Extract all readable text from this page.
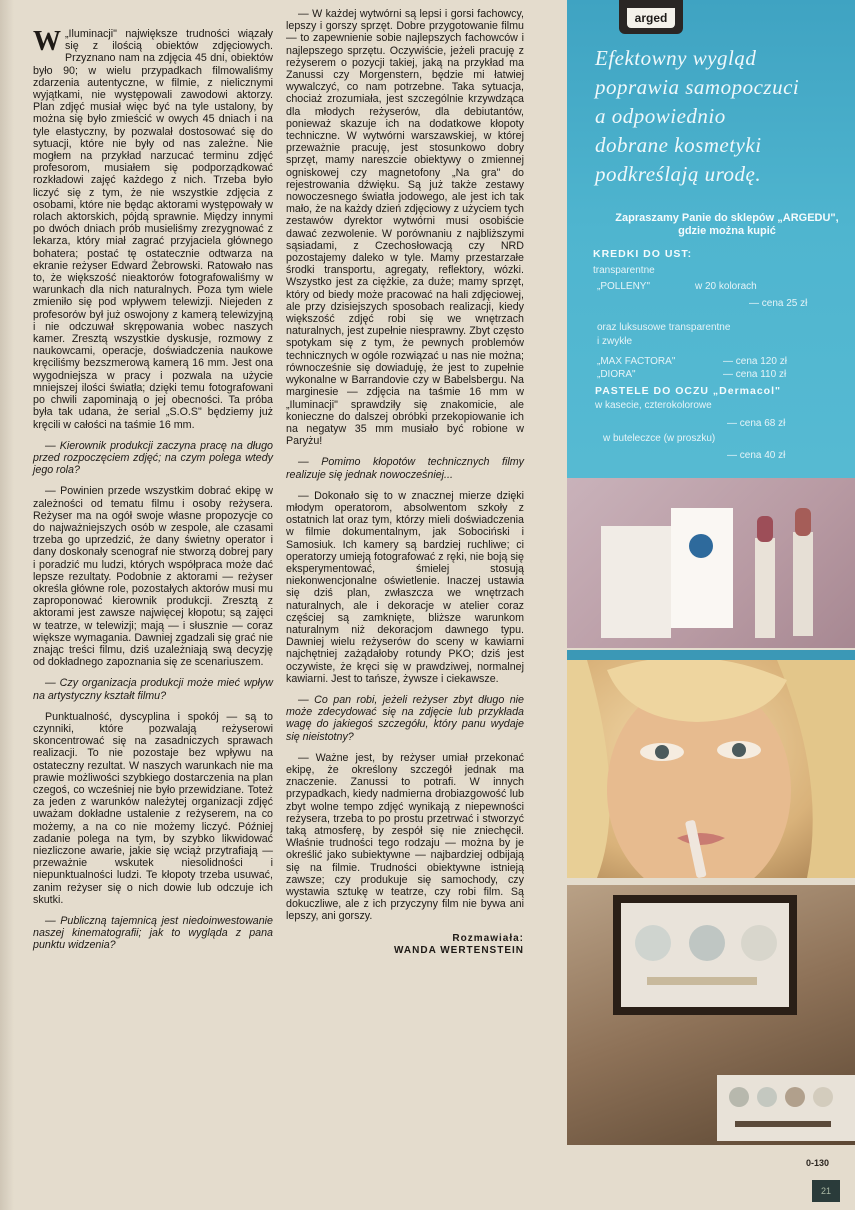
W „Iluminacji" największe trudności wiązały się z ilością obiektów zdjęciowych. Przyznano nam na zdjęcia 45 dni, obiektów było 90; w wielu przypadkach filmowaliśmy zdarzenia autentyczne, w filmie, z nielicznymi wyjątkami, nie występowali zawodowi aktorzy. Plan zdjęć musiał więc być na tyle ustalony, by można się było zmieścić w owych 45 dniach i na tyle elastyczny, by pozwalał dostosować się do sytuacji, które nie były od nas zależne. Nie mogłem na przykład narzucać terminu zdjęć profesorom, musiałem się podporządkować rozkładowi zajęć każdego z nich. Trzeba było liczyć się z tym, że nie wszystkie zdjęcia z osobami, które nie będąc aktorami występowały w rolach aktorskich, pójdą sprawnie. Między innymi po dwóch dniach prób musieliśmy zrezygnować z lekarza, który miał zagrać przyjaciela głównego bohatera; postać tę ostatecznie odtwarza na ekranie reżyser Edward Żebrowski. Ratowało nas to, że większość nieaktorów fotografowaliśmy w warunkach dla nich naturalnych. Poza tym wiele zmieniło się pod wpływem telewizji. Niejeden z profesorów był już oswojony z kamerą telewizyjną i nie odczuwał skrępowania wobec naszych kamer. Zresztą wszystkie dyskusje, rozmowy z naukowcami, operacje, doświadczenia naukowe kręciliśmy bezszmerową kamerą 16 mm. Jest ona wygodniejsza w pracy i pozwala na użycie mniejszej ilości światła; dzięki temu fotografowani po chwili zapominają o jej obecności. Ta próba była tak udana, że serial „S.O.S" będziemy już kręcili w całości na taśmie 16 mm.

— Kierownik produkcji zaczyna pracę na długo przed rozpoczęciem zdjęć; na czym polega wtedy jego rola?

— Powinien przede wszystkim dobrać ekipę w zależności od tematu filmu i osoby reżysera. Reżyser ma na ogół swoje własne propozycje co do najważniejszych osób w zespole, ale czasami trzeba go uprzedzić, że dany świetny operator i dany doskonały scenograf nie stworzą dobrej pary i poradzić mu ludzi, których współpraca może dać lepsze rezultaty. Podobnie z aktorami — reżyser określa główne role, pozostałych aktorów musi mu zaproponować kierownik produkcji. Zresztą z aktorami jest zawsze najwięcej kłopotu; są zajęci w teatrze, w telewizji; mają — i słusznie — coraz większe wymagania. Dawniej zgadzali się grać nie znając treści filmu, dziś uzależniają swą decyzję od dokładnego zapoznania się ze scenariuszem.

— Czy organizacja produkcji może mieć wpływ na artystyczny kształt filmu?

Punktualność, dyscyplina i spokój — są to czynniki, które pozwalają reżyserowi skoncentrować się na zasadniczych sprawach realizacji. To nie pozostaje bez wpływu na ostateczny rezultat. W naszych warunkach nie ma prawie możliwości szybkiego dostarczenia na plan czegoś, co wcześniej nie było przewidziane. Toteż za jeden z warunków należytej organizacji zdjęć uważam dokładne ustalenie z reżyserem, na co możemy, a na co nie możemy liczyć. Później zadanie polega na tym, by szybko likwidować niezliczone awarie, jakie się wciąż przytrafiają — przeważnie wskutek niesolidności i niepunktualności ludzi. Te kłopoty trzeba usuwać, zanim reżyser się o nich dowie lub odczuje ich skutki.

— Publiczną tajemnicą jest niedoinwestowanie naszej kinematografii; jak to wygląda z pana punktu widzenia?

— W każdej wytwórni są lepsi i gorsi fachowcy, lepszy i gorszy sprzęt. Dobre przygotowanie filmu — to zapewnienie sobie najlepszych fachowców i najlepszego sprzętu. Oczywiście, jeżeli pracuję z reżyserem o pozycji takiej, jaką na przykład ma Zanussi czy Morgenstern, będzie mi łatwiej wywalczyć, co nam potrzebne. Taka sytuacja, chociaż zrozumiała, jest szczególnie krzywdząca dla młodych reżyserów, dla debiutantów, ponieważ skazuje ich na dodatkowe kłopoty techniczne. W wytwórni warszawskiej, w której przeważnie pracuję, jest stosunkowo dobry sprzęt, mamy nareszcie obiektywy o zmiennej ogniskowej czy magnetofony „Na gra" do rejestrowania dźwięku. Są już także zestawy nowoczesnego światła jodowego, ale jest ich tak mało, że na każdy dzień zdjęciowy z użyciem tych zestawów dyrektor wytwórni musi osobiście dawać zezwolenie. W porównaniu z najbliższymi sąsiadami, z Czechosłowacją czy NRD pozostajemy daleko w tyle. Mamy przestarzałe środki transportu, agregaty, reflektory, wózki. Wszystko jest za ciężkie, za duże; mamy sprzęt, który od biedy może pracować na hali zdjęciowej, ale przy dzisiejszych sposobach realizacji, kiedy większość zdjęć robi się we wnętrzach naturalnych, jest zupełnie niesprawny. Zbyt często spotykam się z tym, że pewnych problemów technicznych w ogóle rozwiązać u nas nie można; równocześnie się dowiaduję, że jest to zupełnie wykonalne w Barrandovie czy w Babelsbergu. Na marginesie — zdjęcia na taśmie 16 mm w „Iluminacji" sprawdziły się znakomicie, ale konieczne do dalszej obróbki przekopiowanie ich na negatyw 35 mm musiało być robione w Paryżu!

— Pomimo kłopotów technicznych filmy realizuje się jednak nowocześniej...

— Dokonało się to w znacznej mierze dzięki młodym operatorom, absolwentom szkoły z ostatnich lat oraz tym, którzy mieli doświadczenia w filmie dokumentalnym, jak Sobociński i Samosiuk. Ich kamery są bardziej ruchliwe; ci operatorzy umieją fotografować z ręki, nie boją się eksperymentować, śmielej stosują niekonwencjonalne oświetlenie. Inaczej ustawia się dziś plan, zwłaszcza we wnętrzach naturalnych, ale i dekoracje w atelier coraz częściej są zamknięte, bliższe warunkom naturalnym niż dekoracjom dawnego typu. Dawniej wielu reżyserów do sceny w kawiarni najchętniej zażądałoby rotundy PKO; dziś jest oczywiste, że kręci się w prawdziwej, normalnej kawiarni. Jest to tańsze, żywsze i ciekawsze.

— Co pan robi, jeżeli reżyser zbyt długo nie może zdecydować się na zdjęcie lub przykłada wagę do jakiegoś szczegółu, który panu wydaje się nieistotny?

— Ważne jest, by reżyser umiał przekonać ekipę, że określony szczegół jednak ma znaczenie. Zanussi to potrafi. W innych przypadkach, kiedy nadmierna drobiazgowość lub zbyt wolne tempo zdjęć wynikają z niepewności reżysera, trzeba to po prostu przetrwać i stworzyć taką atmosferę, by zespół się nie zniechęcił. Właśnie trudności tego rodzaju — można by je określić jako subiektywne — najbardziej odbijają się na filmie. Trudności obiektywne istnieją zawsze; czy produkuje się samochody, czy wystawia sztukę w teatrze, czy robi film. Są dokuczliwe, ale z ich przyczyny film nie bywa ani lepszy, ani gorszy.

Rozmawiała:
WANDA WERTENSTEIN
arged
Efektowny wygląd
poprawia samopoczuci
a odpowiednio
dobrane kosmetyki
podkreślają urodę.
Zapraszamy Panie do sklepów „ARGEDU", gdzie można kupić
KREDKI DO UST:
transparentne
„POLLENY"	w 20 kolorach
— cena 25 zł
oraz luksusowe transparentne
i zwykłe
„MAX FACTORA"	— cena 120 zł
„DIORA"	— cena 110 zł
PASTELE DO OCZU „Dermacol"
w kasecie, czterokolorowe
— cena 68 zł
w buteleczce (w proszku)
— cena 40 zł
0-130
21
